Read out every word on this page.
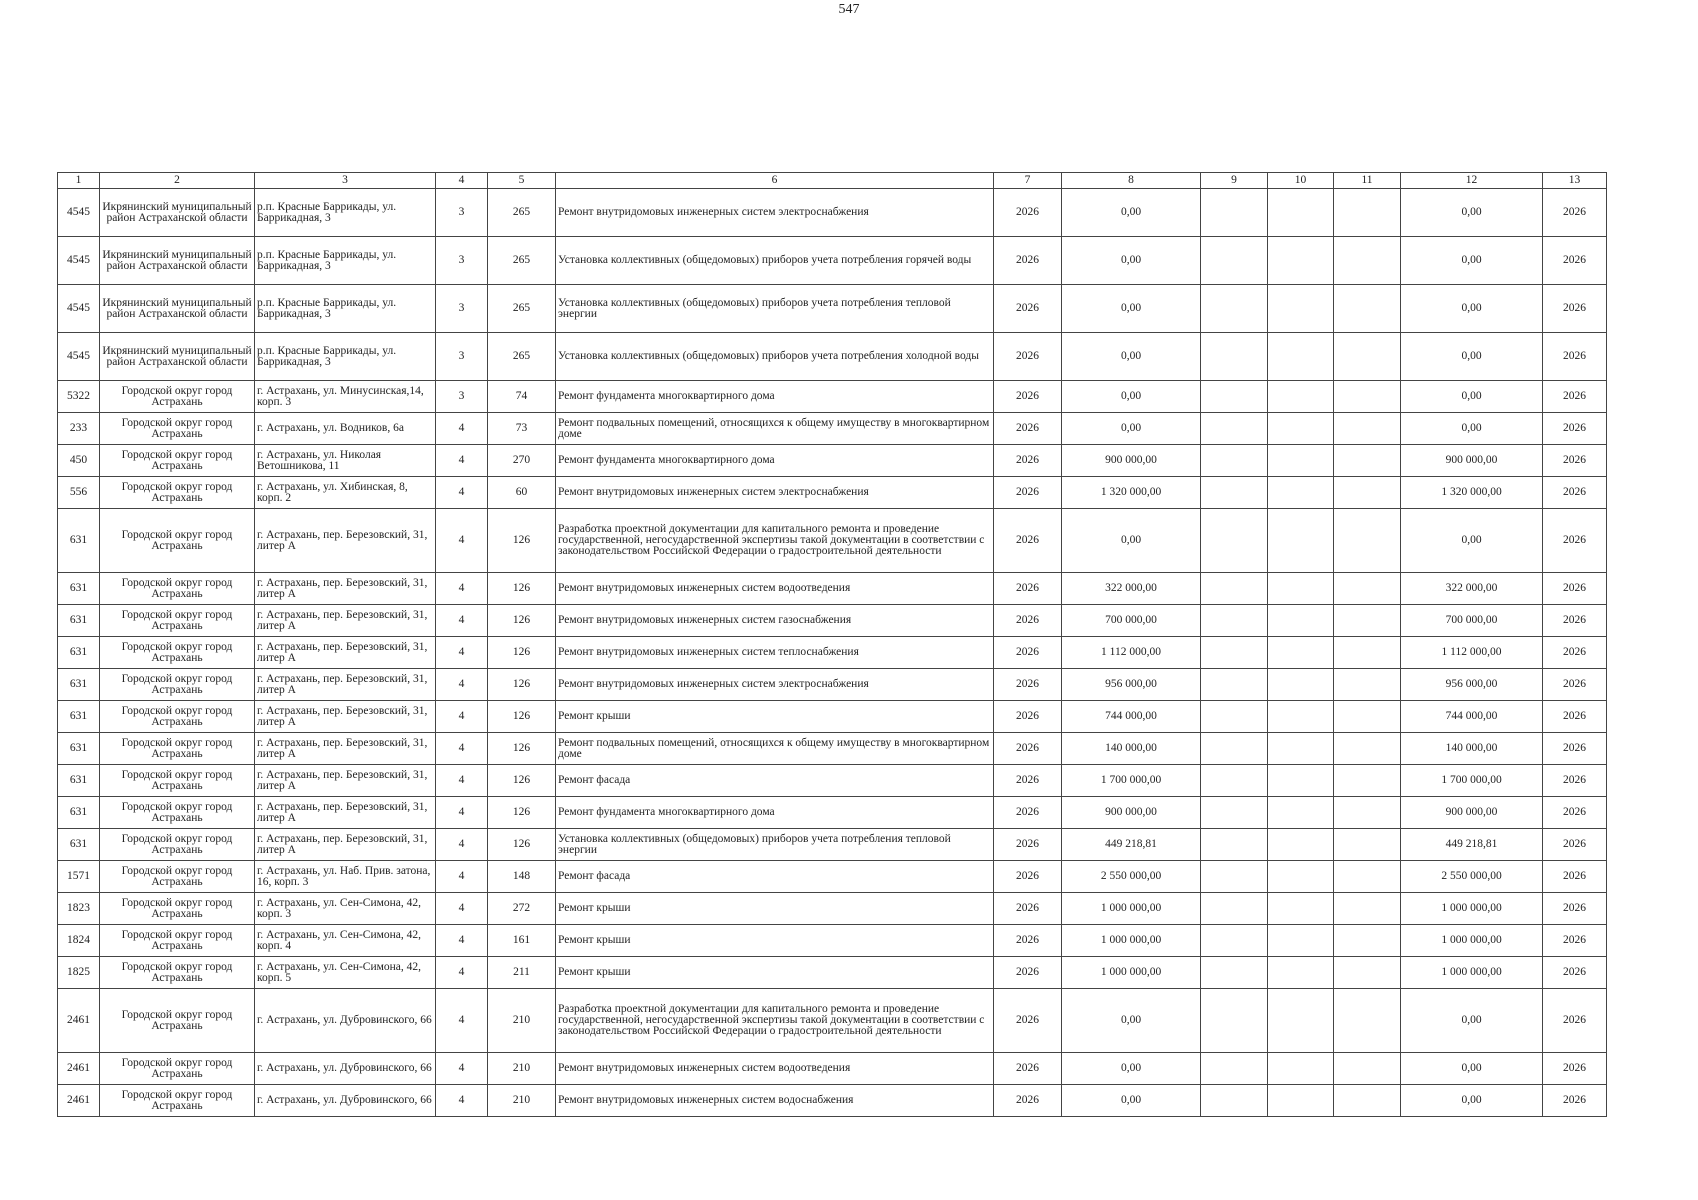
547
1	2	3	4	5	6	7	8	9	10	11	12	13
4545	Икрянинский муниципальный район Астраханской области	р.п. Красные Баррикады, ул. Баррикадная, 3	3	265	Ремонт внутридомовых инженерных систем электроснабжения	2026	0,00				0,00	2026
4545	Икрянинский муниципальный район Астраханской области	р.п. Красные Баррикады, ул. Баррикадная, 3	3	265	Установка коллективных (общедомовых) приборов учета потребления горячей воды	2026	0,00				0,00	2026
4545	Икрянинский муниципальный район Астраханской области	р.п. Красные Баррикады, ул. Баррикадная, 3	3	265	Установка коллективных (общедомовых) приборов учета потребления тепловой энергии	2026	0,00				0,00	2026
4545	Икрянинский муниципальный район Астраханской области	р.п. Красные Баррикады, ул. Баррикадная, 3	3	265	Установка коллективных (общедомовых) приборов учета потребления холодной воды	2026	0,00				0,00	2026
5322	Городской округ город Астрахань	г. Астрахань, ул. Минусинская,14, корп. 3	3	74	Ремонт фундамента многоквартирного дома	2026	0,00				0,00	2026
233	Городской округ город Астрахань	г. Астрахань, ул. Водников, 6а	4	73	Ремонт подвальных помещений, относящихся к общему имуществу в многоквартирном доме	2026	0,00				0,00	2026
450	Городской округ город Астрахань	г. Астрахань, ул. Николая Ветошникова, 11	4	270	Ремонт фундамента многоквартирного дома	2026	900 000,00				900 000,00	2026
556	Городской округ город Астрахань	г. Астрахань, ул. Хибинская, 8, корп. 2	4	60	Ремонт внутридомовых инженерных систем электроснабжения	2026	1 320 000,00				1 320 000,00	2026
631	Городской округ город Астрахань	г. Астрахань, пер. Березовский, 31, литер А	4	126	Разработка проектной документации для капитального ремонта и проведение государственной, негосударственной экспертизы такой документации в соответствии с законодательством Российской Федерации о градостроительной деятельности	2026	0,00				0,00	2026
631	Городской округ город Астрахань	г. Астрахань, пер. Березовский, 31, литер А	4	126	Ремонт внутридомовых инженерных систем водоотведения	2026	322 000,00				322 000,00	2026
631	Городской округ город Астрахань	г. Астрахань, пер. Березовский, 31, литер А	4	126	Ремонт внутридомовых инженерных систем газоснабжения	2026	700 000,00				700 000,00	2026
631	Городской округ город Астрахань	г. Астрахань, пер. Березовский, 31, литер А	4	126	Ремонт внутридомовых инженерных систем теплоснабжения	2026	1 112 000,00				1 112 000,00	2026
631	Городской округ город Астрахань	г. Астрахань, пер. Березовский, 31, литер А	4	126	Ремонт внутридомовых инженерных систем электроснабжения	2026	956 000,00				956 000,00	2026
631	Городской округ город Астрахань	г. Астрахань, пер. Березовский, 31, литер А	4	126	Ремонт крыши	2026	744 000,00				744 000,00	2026
631	Городской округ город Астрахань	г. Астрахань, пер. Березовский, 31, литер А	4	126	Ремонт подвальных помещений, относящихся к общему имуществу в многоквартирном доме	2026	140 000,00				140 000,00	2026
631	Городской округ город Астрахань	г. Астрахань, пер. Березовский, 31, литер А	4	126	Ремонт фасада	2026	1 700 000,00				1 700 000,00	2026
631	Городской округ город Астрахань	г. Астрахань, пер. Березовский, 31, литер А	4	126	Ремонт фундамента многоквартирного дома	2026	900 000,00				900 000,00	2026
631	Городской округ город Астрахань	г. Астрахань, пер. Березовский, 31, литер А	4	126	Установка коллективных (общедомовых) приборов учета потребления тепловой энергии	2026	449 218,81				449 218,81	2026
1571	Городской округ город Астрахань	г. Астрахань, ул. Наб. Прив. затона, 16, корп. 3	4	148	Ремонт фасада	2026	2 550 000,00				2 550 000,00	2026
1823	Городской округ город Астрахань	г. Астрахань, ул. Сен-Симона, 42, корп. 3	4	272	Ремонт крыши	2026	1 000 000,00				1 000 000,00	2026
1824	Городской округ город Астрахань	г. Астрахань, ул. Сен-Симона, 42, корп. 4	4	161	Ремонт крыши	2026	1 000 000,00				1 000 000,00	2026
1825	Городской округ город Астрахань	г. Астрахань, ул. Сен-Симона, 42, корп. 5	4	211	Ремонт крыши	2026	1 000 000,00				1 000 000,00	2026
2461	Городской округ город Астрахань	г. Астрахань, ул. Дубровинского, 66	4	210	Разработка проектной документации для капитального ремонта и проведение государственной, негосударственной экспертизы такой документации в соответствии с законодательством Российской Федерации о градостроительной деятельности	2026	0,00				0,00	2026
2461	Городской округ город Астрахань	г. Астрахань, ул. Дубровинского, 66	4	210	Ремонт внутридомовых инженерных систем водоотведения	2026	0,00				0,00	2026
2461	Городской округ город Астрахань	г. Астрахань, ул. Дубровинского, 66	4	210	Ремонт внутридомовых инженерных систем водоснабжения	2026	0,00				0,00	2026
